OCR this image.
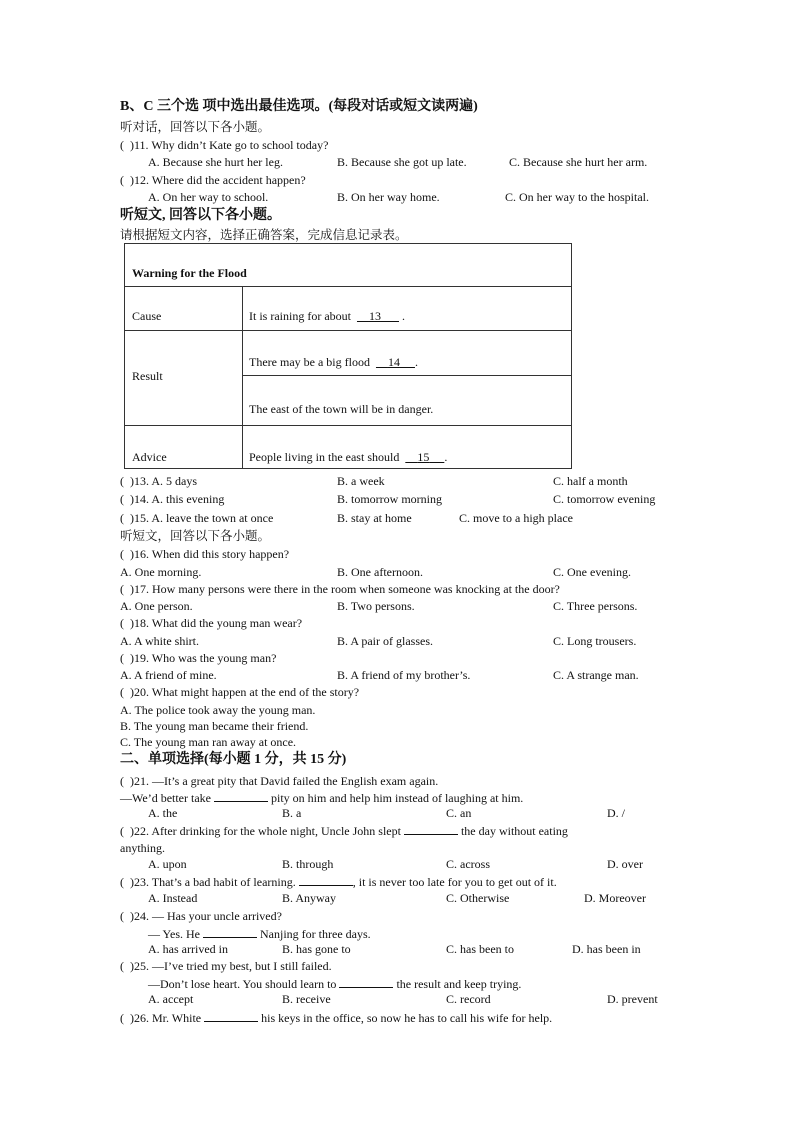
B、C 三个选 项中选出最佳选项。(每段对话或短文读两遍)
听对话，回答以下各小题。
( )11. Why didn’t Kate go to school today?
A. Because she hurt her leg.	B. Because she got up late.	C. Because she hurt her arm.
( )12. Where did the accident happen?
A. On her way to school.	B. On her way home.	C. On her way to the hospital.
听短文, 回答以下各小题。
请根据短文内容，选择正确答案，完成信息记录表。
Warning for the Flood
Cause	It is raining for about 13       .
Result
There may be a big flood 14 .
The east of the town will be in danger.
Advice	People living in the east should 15 .
( )13. A. 5 days	B. a week	C. half a month
( )14. A. this evening	B. tomorrow morning	C. tomorrow evening
( )15. A. leave the town at once	B. stay at home	C. move to a high place
听短文，回答以下各小题。
( )16. When did this story happen?
A. One morning.	B. One afternoon.	C. One evening.
( )17. How many persons were there in the room when someone was knocking at the door?
A. One person.	B. Two persons.	C. Three persons.
( )18. What did the young man wear?
A. A white shirt.	B. A pair of glasses.	C. Long trousers.
( )19. Who was the young man?
A. A friend of mine.	B. A friend of my brother’s.	C. A strange man.
( )20. What might happen at the end of the story?
A. The police took away the young man.
B. The young man became their friend.
C. The young man ran away at once.
二、单项选择(每小题 1 分，共 15 分)
( )21. —It’s a great pity that David failed the English exam again.
—We’d better take	pity on him and help him instead of laughing at him.
A. the	B. a	C. an	D. /
( )22. After drinking for the whole night, Uncle John slept	the day without eating
anything.
A. upon	B. through	C. across	D. over
( )23. That’s a bad habit of learning.	, it is never too late for you to get out of it.
A. Instead	B. Anyway	C. Otherwise	D. Moreover
( )24. — Has your uncle arrived?
— Yes. He	Nanjing for three days.
A. has arrived in	B. has gone to	C. has been to	D. has been in
( )25. —I’ve tried my best, but I still failed.
—Don’t lose heart. You should learn to	the result and keep trying.
A. accept	B. receive	C. record	D. prevent
( )26. Mr. White	his keys in the office, so now he has to call his wife for help.
